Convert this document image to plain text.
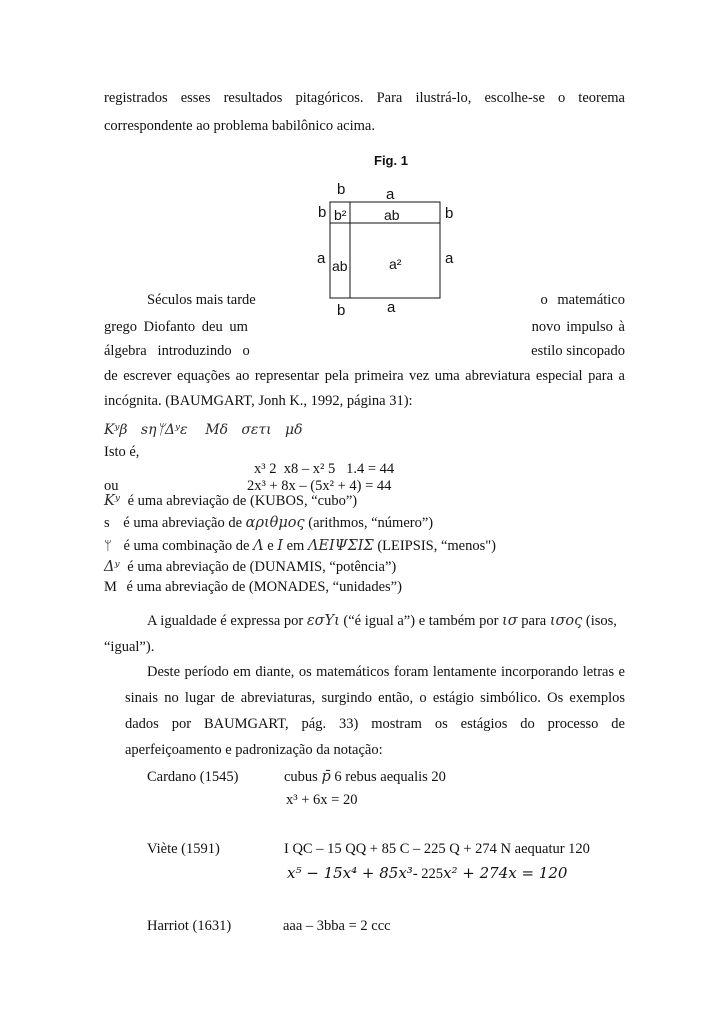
registrados esses resultados pitagóricos. Para ilustrá-lo, escolhe-se o teorema
correspondente ao problema babilônico acima.
Fig. 1
b	a
b
a
b
a
b	a
b²	ab
ab	a²
Séculos mais tarde	o matemático
grego Diofanto deu um	novo impulso à
álgebra   introduzindo   o	estilo sincopado
de escrever equações ao representar pela primeira vez uma abreviatura especial para a
incógnita. (BAUMGART, Jonh K., 1992, página 31):
Kʸβ   sηᛘΔʸε    Mδ   σετι   μδ
Isto é,
x³ 2  x8 – x² 5   1.4 = 44
ou	2x³ + 8x – (5x² + 4) = 44
Kʸ é uma abreviação de (KUBOS, “cubo”)
s é uma abreviação de αριθμος (arithmos, “número”)
ᛘ é uma combinação de Λ e I em ΛΕΙΨΣΙΣ (LEIPSIS, “menos")
Δʸ é uma abreviação de (DUNAMIS, “potência”)
M é uma abreviação de (MONADES, “unidades”)
A igualdade é expressa por εσΥι (“é igual a”) e também por ισ para ισος (isos,
“igual”).
Deste período em diante, os matemáticos foram lentamente incorporando letras e
sinais no lugar de abreviaturas, surgindo então, o estágio simbólico. Os exemplos
dados por BAUMGART, pág. 33) mostram os estágios do processo de
aperfeiçoamento e padronização da notação:
Cardano (1545)	cubus p̄ 6 rebus aequalis 20
x³ + 6x = 20
Viète (1591)	I QC – 15 QQ + 85 C – 225 Q + 274 N aequatur 120
x⁵ − 15x⁴ + 85x³- 225x² + 274x = 120
Harriot (1631)	aaa – 3bba = 2 ccc
